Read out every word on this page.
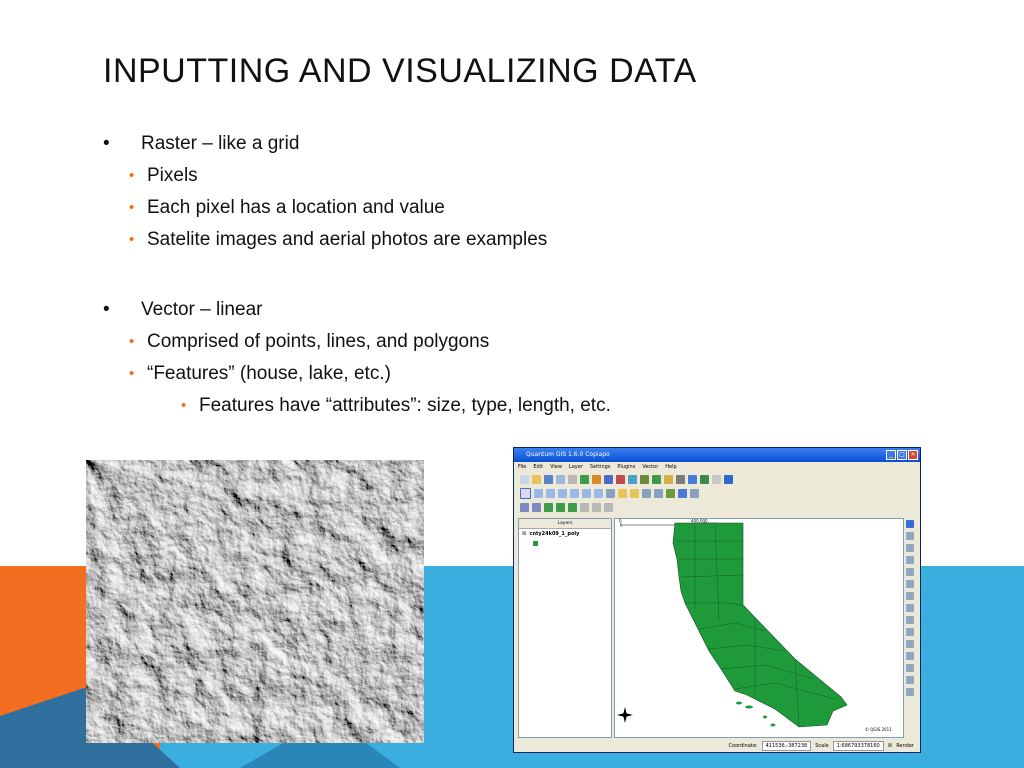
INPUTTING AND VISUALIZING DATA
• Raster – like a grid
• Pixels
• Each pixel has a location and value
• Satelite images and aerial photos are examples
• Vector – linear
• Comprised of points, lines, and polygons
• “Features” (house, lake, etc.)
• Features have “attributes”: size, type, length, etc.
Quantum GIS 1.6.0 Copiapo	_	□ ×
File Edit View Layer Settings Plugins Vector Help
Layers
☒ cnty24k09_1_poly
0	400,000
© QGIS 2011
Coordinate:	411536,-387238	Scale	1:686793378160	☒ Render
